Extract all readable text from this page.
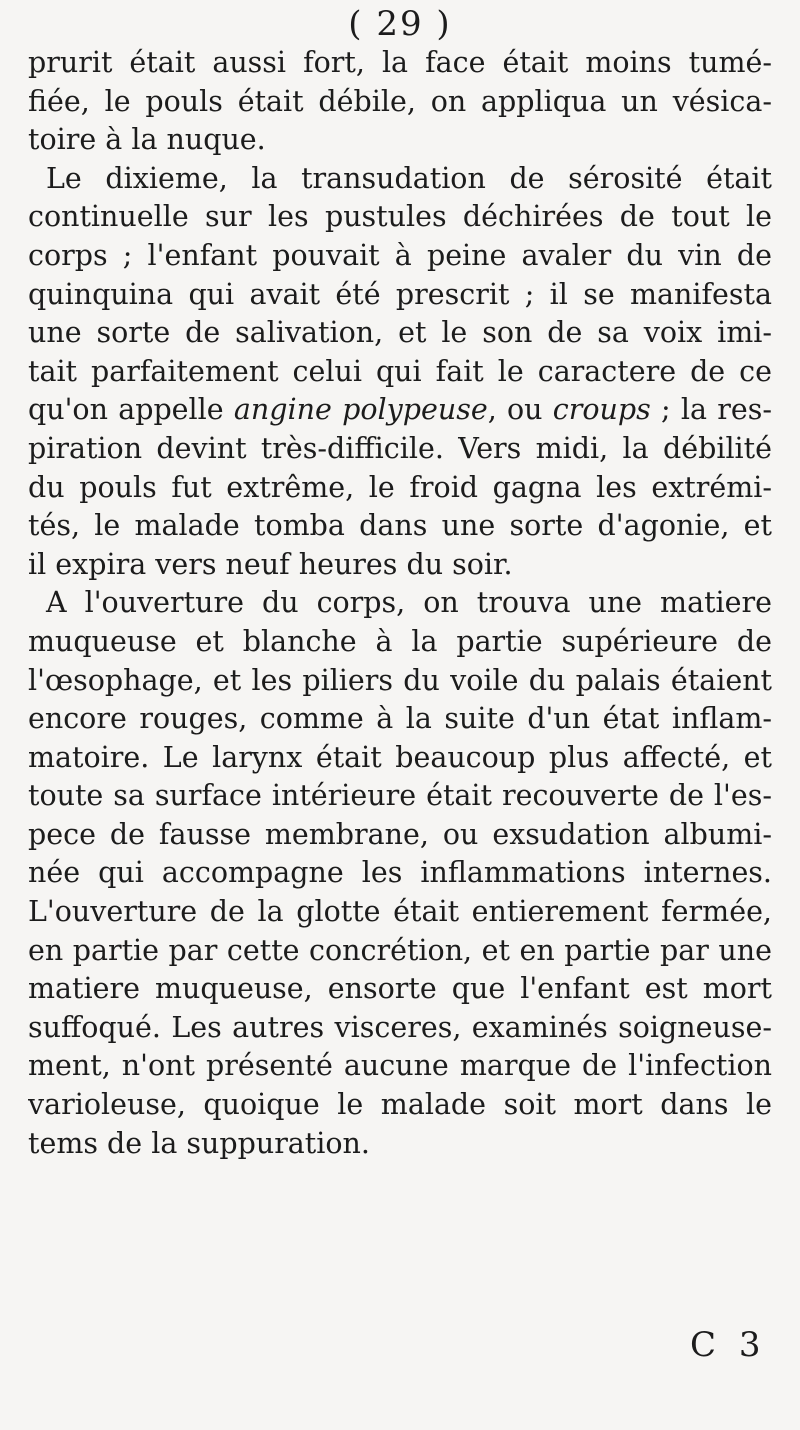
( 29 )
prurit était aussi fort, la face était moins tumé-
fiée, le pouls était débile, on appliqua un vésica-
toire à la nuque.
Le dixieme, la transudation de sérosité était
continuelle sur les pustules déchirées de tout le
corps ; l'enfant pouvait à peine avaler du vin de
quinquina qui avait été prescrit ; il se manifesta
une sorte de salivation, et le son de sa voix imi-
tait parfaitement celui qui fait le caractere de ce
qu'on appelle angine polypeuse, ou croups ; la res-
piration devint très-difficile. Vers midi, la débilité
du pouls fut extrême, le froid gagna les extrémi-
tés, le malade tomba dans une sorte d'agonie, et
il expira vers neuf heures du soir.
A l'ouverture du corps, on trouva une matiere
muqueuse et blanche à la partie supérieure de
l'œsophage, et les piliers du voile du palais étaient
encore rouges, comme à la suite d'un état inflam-
matoire. Le larynx était beaucoup plus affecté, et
toute sa surface intérieure était recouverte de l'es-
pece de fausse membrane, ou exsudation albumi-
née qui accompagne les inflammations internes.
L'ouverture de la glotte était entierement fermée,
en partie par cette concrétion, et en partie par une
matiere muqueuse, ensorte que l'enfant est mort
suffoqué. Les autres visceres, examinés soigneuse-
ment, n'ont présenté aucune marque de l'infection
varioleuse, quoique le malade soit mort dans le
tems de la suppuration.
C 3
